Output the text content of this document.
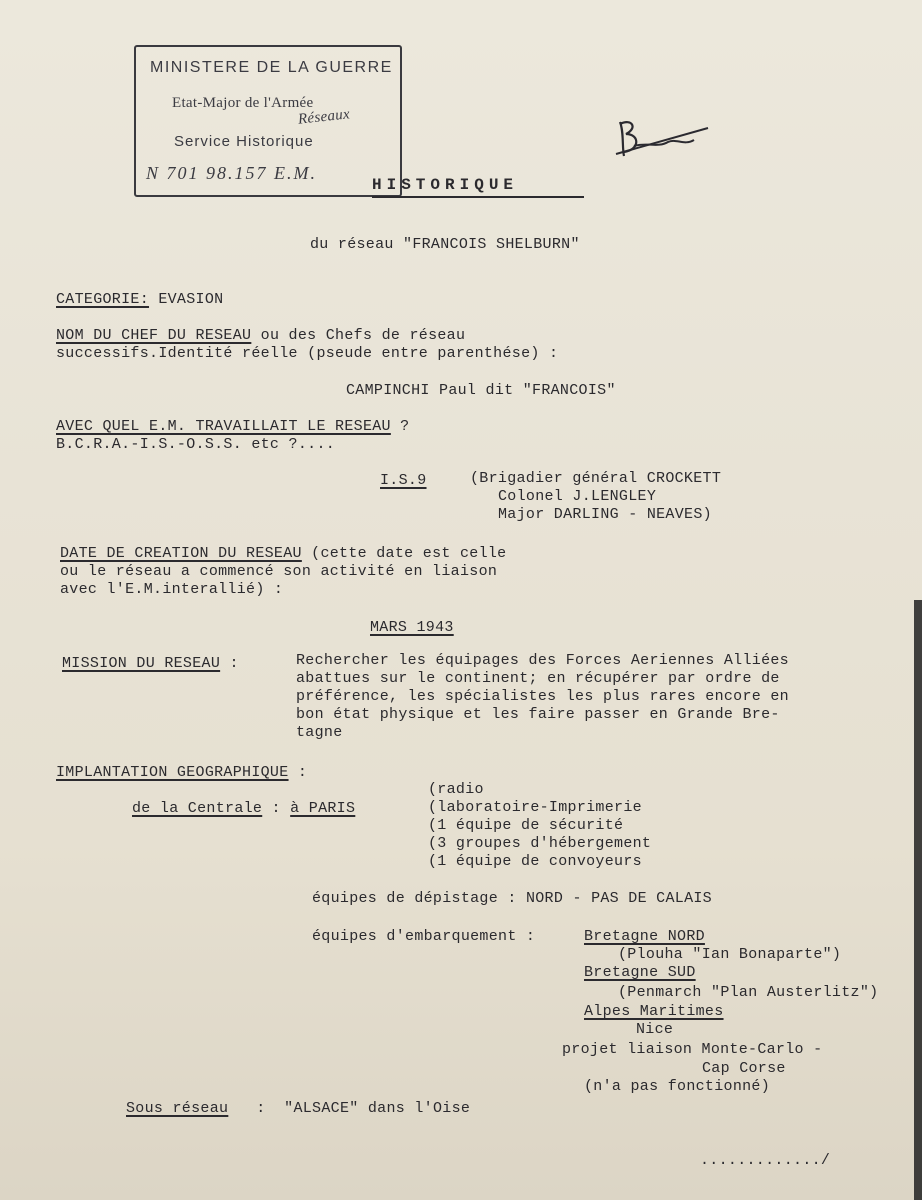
MINISTERE DE LA GUERRE
Etat-Major de l'Armée
Réseaux
Service Historique
N 701 98.157 E.M.
HISTORIQUE
du réseau "FRANCOIS SHELBURN"
CATEGORIE: EVASION
NOM DU CHEF DU RESEAU ou des Chefs de réseau
successifs.Identité réelle (pseude entre parenthése) :
CAMPINCHI Paul dit "FRANCOIS"
AVEC QUEL E.M. TRAVAILLAIT LE RESEAU ?
B.C.R.A.-I.S.-O.S.S. etc ?....
I.S.9	(Brigadier général CROCKETT
Colonel J.LENGLEY
Major DARLING - NEAVES)
DATE DE CREATION DU RESEAU (cette date est celle
ou le réseau a commencé son activité en liaison
avec l'E.M.interallié) :
MARS 1943
MISSION DU RESEAU :	Rechercher les équipages des Forces Aeriennes Alliées
abattues sur le continent; en récupérer par ordre de
préférence, les spécialistes les plus rares encore en
bon état physique et les faire passer en Grande Bre-
tagne
IMPLANTATION GEOGRAPHIQUE :
de la Centrale : à PARIS
(radio
(laboratoire-Imprimerie
(1 équipe de sécurité
(3 groupes d'hébergement
(1 équipe de convoyeurs
équipes de dépistage : NORD - PAS DE CALAIS
équipes d'embarquement :	Bretagne NORD
(Plouha "Ian Bonaparte")
Bretagne SUD
(Penmarch "Plan Austerlitz")
Alpes Maritimes
Nice
projet liaison Monte-Carlo -
Cap Corse
(n'a pas fonctionné)
Sous réseau : "ALSACE" dans l'Oise
............./
